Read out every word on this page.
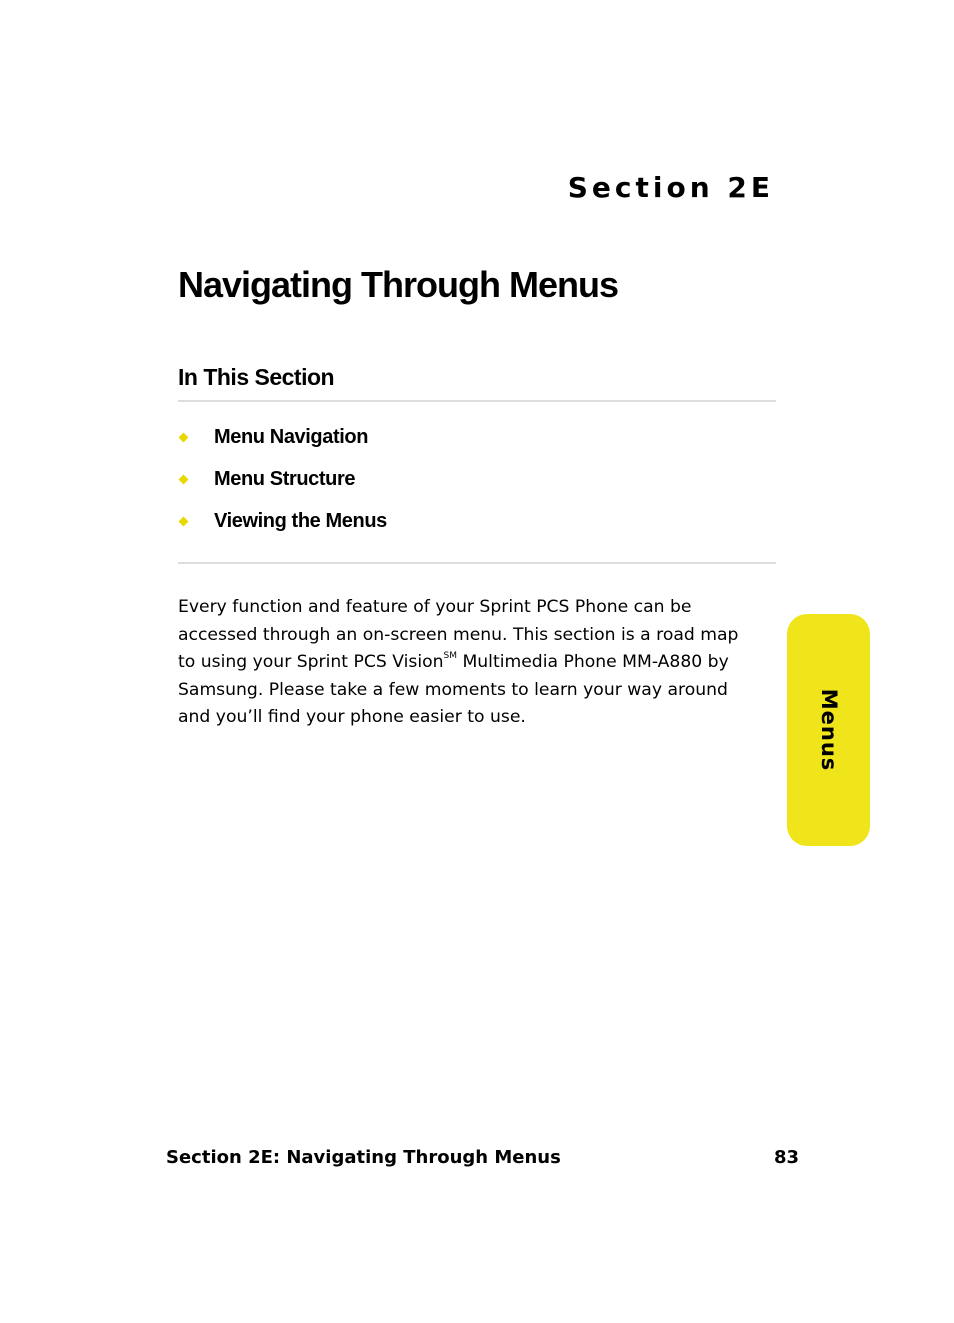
Section 2E
Navigating Through Menus
In This Section
Menu Navigation
Menu Structure
Viewing the Menus

Every function and feature of your Sprint PCS Phone can be accessed through an on-screen menu. This section is a road map to using your Sprint PCS Vision℠ Multimedia Phone MM-A880 by Samsung. Please take a few moments to learn your way around and you’ll find your phone easier to use.	Menus
Section 2E: Navigating Through Menus	83
